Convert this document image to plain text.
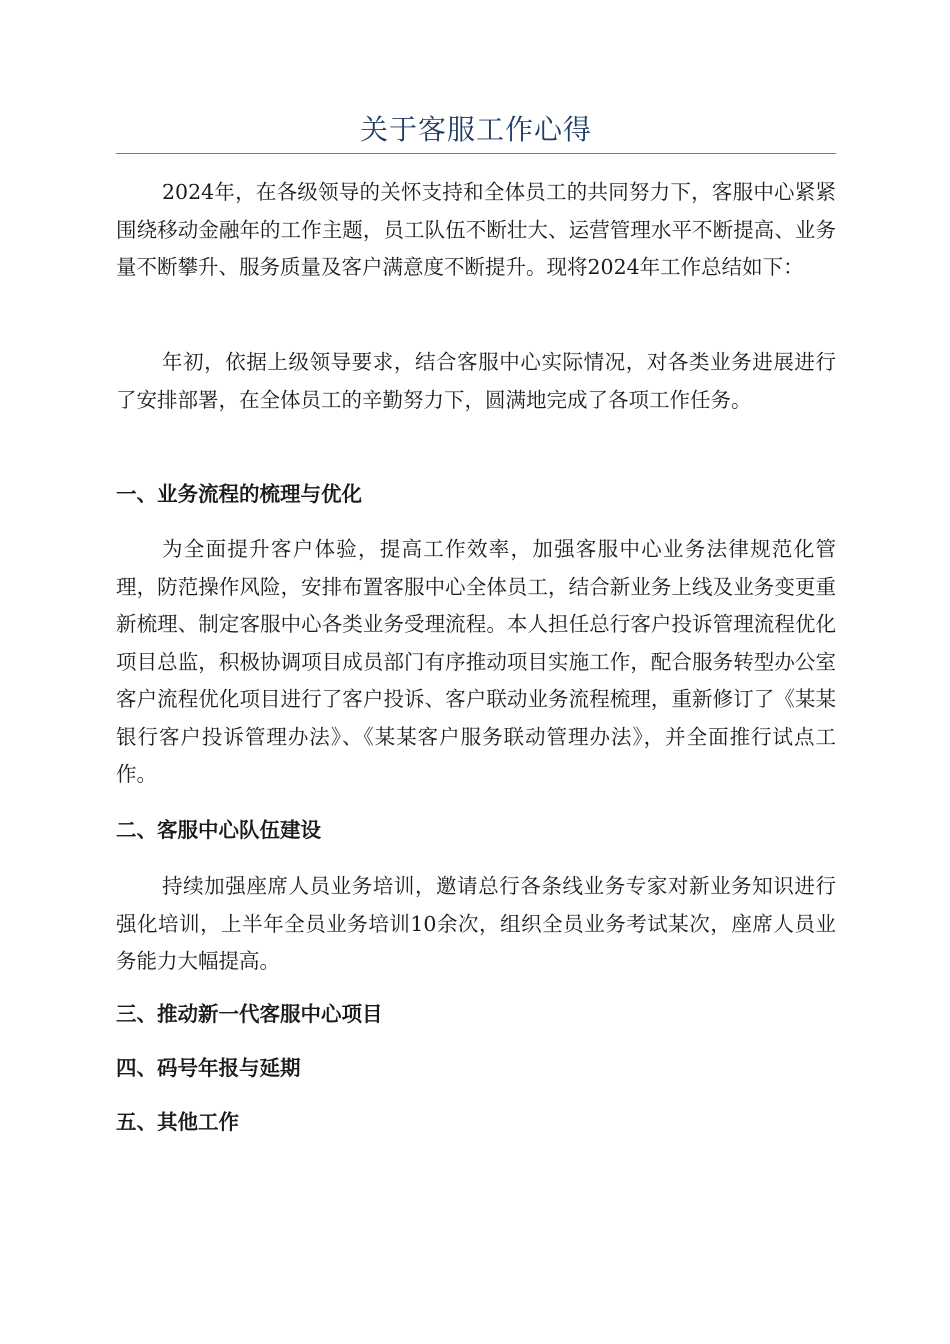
关于客服工作心得

2024年，在各级领导的关怀支持和全体员工的共同努力下，客服中心紧紧围绕移动金融年的工作主题，员工队伍不断壮大、运营管理水平不断提高、业务量不断攀升、服务质量及客户满意度不断提升。现将2024年工作总结如下：

年初，依据上级领导要求，结合客服中心实际情况，对各类业务进展进行了安排部署，在全体员工的辛勤努力下，圆满地完成了各项工作任务。

一、业务流程的梳理与优化

为全面提升客户体验，提高工作效率，加强客服中心业务法律规范化管理，防范操作风险，安排布置客服中心全体员工，结合新业务上线及业务变更重新梳理、制定客服中心各类业务受理流程。本人担任总行客户投诉管理流程优化项目总监，积极协调项目成员部门有序推动项目实施工作，配合服务转型办公室客户流程优化项目进行了客户投诉、客户联动业务流程梳理，重新修订了《某某银行客户投诉管理办法》、《某某客户服务联动管理办法》，并全面推行试点工作。

二、客服中心队伍建设

持续加强座席人员业务培训，邀请总行各条线业务专家对新业务知识进行强化培训，上半年全员业务培训10余次，组织全员业务考试某次，座席人员业务能力大幅提高。

三、推动新一代客服中心项目
四、码号年报与延期
五、其他工作
